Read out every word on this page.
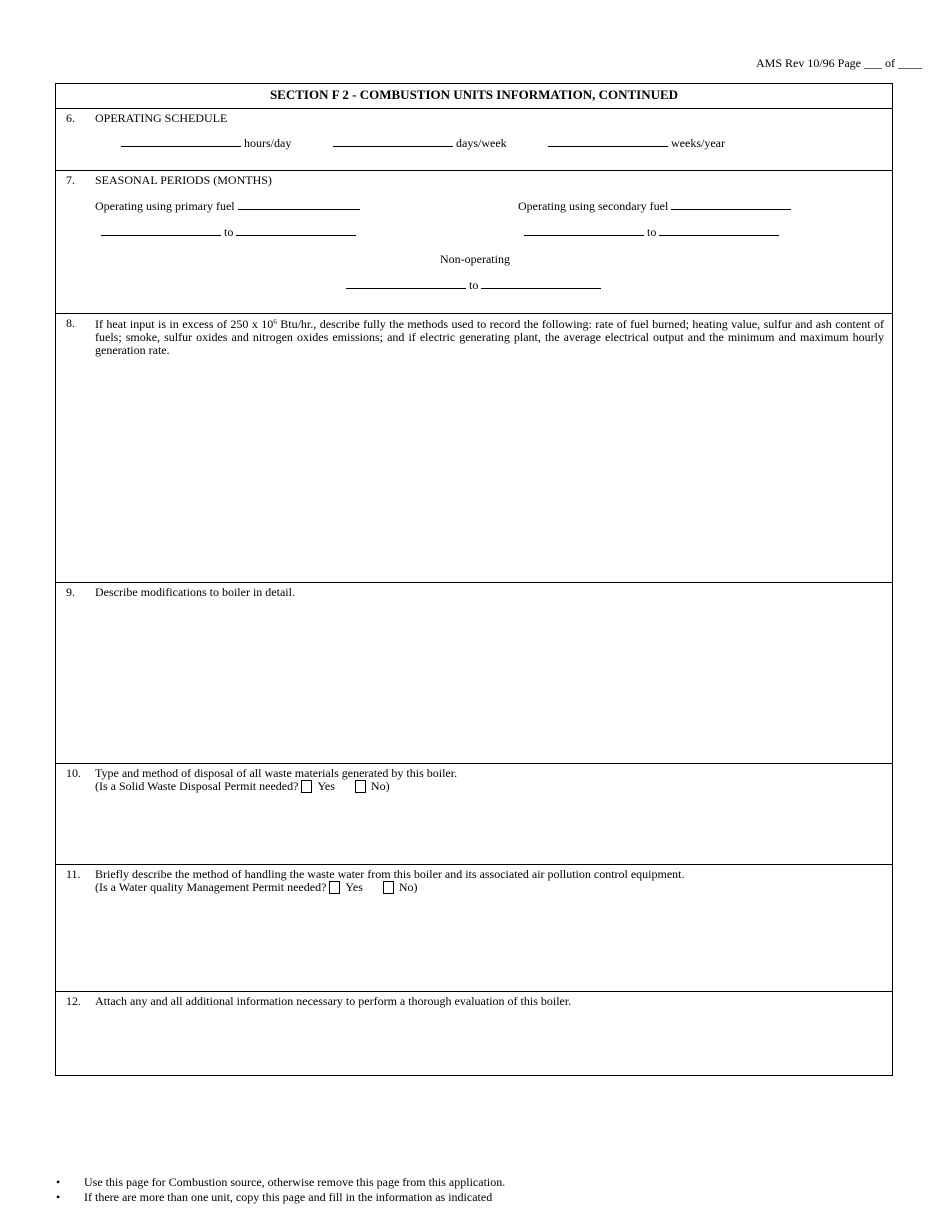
AMS Rev 10/96 Page ___ of ____
SECTION F 2 - COMBUSTION UNITS INFORMATION, CONTINUED
6. OPERATING SCHEDULE
hours/day	days/week	weeks/year
7. SEASONAL PERIODS (MONTHS)
Operating using primary fuel	Operating using secondary fuel
to	to
Non-operating
to
8. If heat input is in excess of 250 x $10^6$ Btu/hr., describe fully the methods used to record the following: rate of fuel burned; heating value, sulfur and ash content of fuels; smoke, sulfur oxides and nitrogen oxides emissions; and if electric generating plant, the average electrical output and the minimum and maximum hourly generation rate.
9. Describe modifications to boiler in detail.
10. Type and method of disposal of all waste materials generated by this boiler.
(Is a Solid Waste Disposal Permit needed? Yes	No)
11. Briefly describe the method of handling the waste water from this boiler and its associated air pollution control equipment.
(Is a Water quality Management Permit needed? Yes	No)
12. Attach any and all additional information necessary to perform a thorough evaluation of this boiler.
• Use this page for Combustion source, otherwise remove this page from this application.
• If there are more than one unit, copy this page and fill in the information as indicated
